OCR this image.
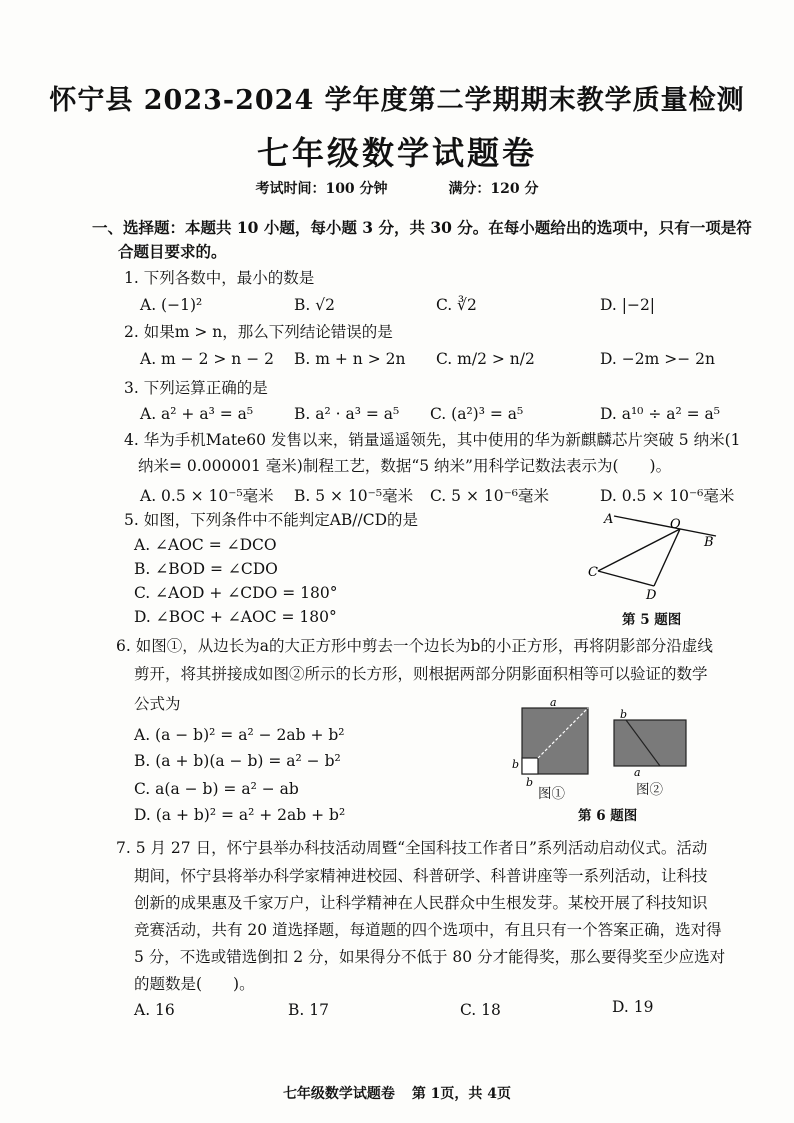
怀宁县 2023-2024 学年度第二学期期末教学质量检测
七年级数学试题卷
考试时间：100 分钟	满分：120 分
一、选择题：本题共 10 小题，每小题 3 分，共 30 分。在每小题给出的选项中，只有一项是符
合题目要求的。
1. 下列各数中，最小的数是
A. (−1)²	B. √2	C. ∛2	D. |−2|
2. 如果m > n，那么下列结论错误的是
A. m − 2 > n − 2 B. m + n > 2n C. m/2 > n/2	D. −2m >− 2n
3. 下列运算正确的是
A. a² + a³ = a⁵	B. a² · a³ = a⁵ C. (a²)³ = a⁵	D. a¹⁰ ÷ a² = a⁵
4. 华为手机Mate60 发售以来，销量遥遥领先，其中使用的华为新麒麟芯片突破 5 纳米(1
纳米= 0.000001 毫米)制程工艺，数据“5 纳米”用科学记数法表示为(　　)。
A. 0.5 × 10⁻⁵毫米 B. 5 × 10⁻⁵毫米 C. 5 × 10⁻⁶毫米	D. 0.5 × 10⁻⁶毫米
5. 如图，下列条件中不能判定AB//CD的是
A. ∠AOC = ∠DCO
B. ∠BOD = ∠CDO
C. ∠AOD + ∠CDO = 180°
D. ∠BOC + ∠AOC = 180°
A	O
B
C
D
第 5 题图
6. 如图①，从边长为a的大正方形中剪去一个边长为b的小正方形，再将阴影部分沿虚线
剪开，将其拼接成如图②所示的长方形，则根据两部分阴影面积相等可以验证的数学
公式为
A. (a − b)² = a² − 2ab + b²
B. (a + b)(a − b) = a² − b²
C. a(a − b) = a² − ab
D. (a + b)² = a² + 2ab + b²
a
b
b
b
a
图①	图②
第 6 题图
7. 5 月 27 日，怀宁县举办科技活动周暨“全国科技工作者日”系列活动启动仪式。活动
期间，怀宁县将举办科学家精神进校园、科普研学、科普讲座等一系列活动，让科技
创新的成果惠及千家万户，让科学精神在人民群众中生根发芽。某校开展了科技知识
竞赛活动，共有 20 道选择题，每道题的四个选项中，有且只有一个答案正确，选对得
5 分，不选或错选倒扣 2 分，如果得分不低于 80 分才能得奖，那么要得奖至少应选对
的题数是(　　)。
A. 16	B. 17	C. 18	D. 19
七年级数学试题卷 第 1页，共 4页
